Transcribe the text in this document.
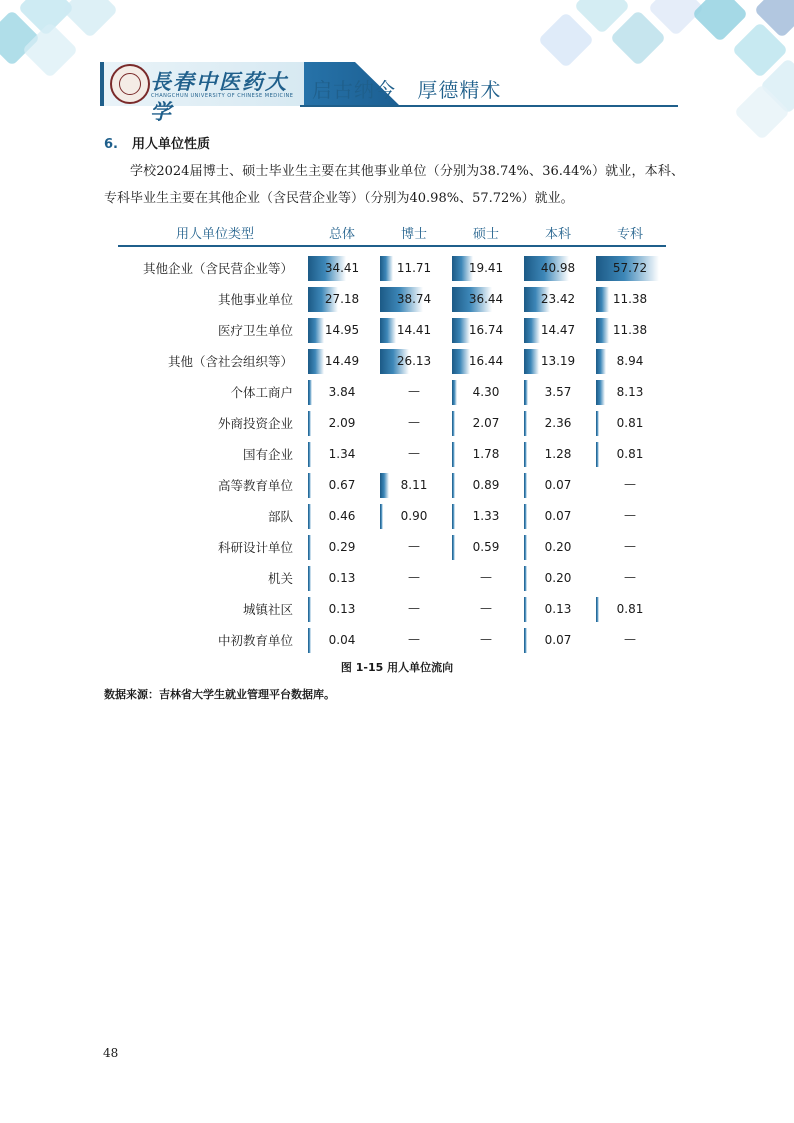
長春中医药大学
CHANGCHUN UNIVERSITY OF CHINESE MEDICINE 启古纳今 厚德精术
6. 用人单位性质
学校2024届博士、硕士毕业生主要在其他事业单位（分别为38.74%、36.44%）就业，本科、专科毕业生主要在其他企业（含民营企业等）（分别为40.98%、57.72%）就业。
用人单位类型	总体	博士	硕士	本科	专科
其他企业（含民营企业等）	34.41	11.71	19.41	40.98	57.72
其他事业单位	27.18	38.74	36.44	23.42	11.38
医疗卫生单位	14.95	14.41	16.74	14.47	11.38
其他（含社会组织等）	14.49	26.13	16.44	13.19	8.94
个体工商户	3.84	—	4.30	3.57	8.13
外商投资企业	2.09	—	2.07	2.36	0.81
国有企业	1.34	—	1.78	1.28	0.81
高等教育单位	0.67	8.11	0.89	0.07	—
部队	0.46	0.90	1.33	0.07	—
科研设计单位	0.29	—	0.59	0.20	—
机关	0.13	—	—	0.20	—
城镇社区	0.13	—	—	0.13	0.81
中初教育单位	0.04	—	—	0.07	—
图 1-15 用人单位流向
数据来源：吉林省大学生就业管理平台数据库。
48
